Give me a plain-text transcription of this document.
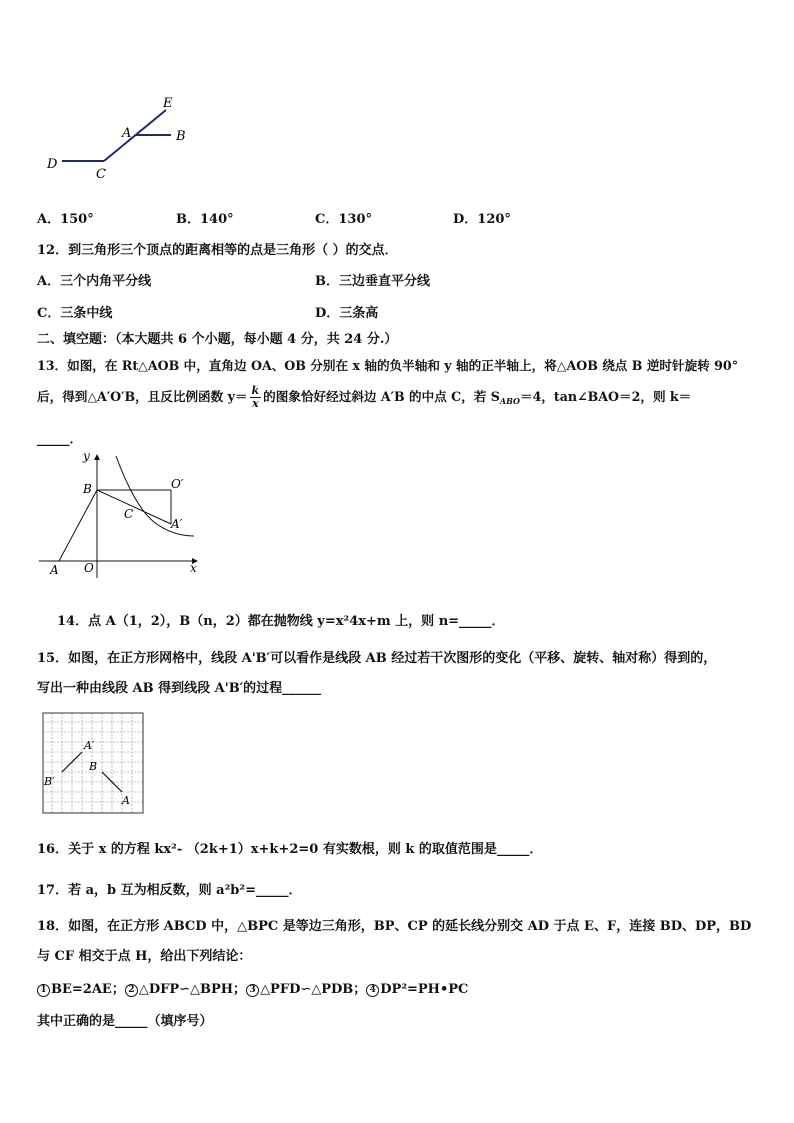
E
A	B
D
C
A．150°	B．140°	C．130°	D．120°
12．到三角形三个顶点的距离相等的点是三角形（ ）的交点．
A．三个内角平分线	B．三边垂直平分线
C．三条中线	D．三条高
二、填空题：（本大题共 6 个小题，每小题 4 分，共 24 分.）
13．如图，在 Rt△AOB 中，直角边 OA、OB 分别在 x 轴的负半轴和 y 轴的正半轴上，将△AOB 绕点 B 逆时针旋转 90°
后，得到△A′O′B，且反比例函数 $y= \frac{k}{x}$ 的图象恰好经过斜边 A′B 的中点 C，若 $S_{ABO}=4$，tan∠BAO＝2，则 k＝
_____．
y
x
B	O′
C
A′
A O
14．点 A（1，2），B（n，2）都在抛物线 y=x²4x+m 上，则 n=_____．
15．如图，在正方形网格中，线段 A'B′可以看作是线段 AB 经过若干次图形的变化（平移、旋转、轴对称）得到的，
写出一种由线段 AB 得到线段 A'B′的过程______
A′
B′
B
A
16．关于 x 的方程 kx²- （2k+1）x+k+2=0 有实数根，则 k 的取值范围是_____．
17．若 a，b 互为相反数，则 a²b²=_____．
18．如图，在正方形 ABCD 中，△BPC 是等边三角形，BP、CP 的延长线分别交 AD 于点 E、F，连接 BD、DP，BD
与 CF 相交于点 H，给出下列结论：
1 BE=2AE； 2 △DFP∽△BPH； 3 △PFD∽△PDB； 4 DP²=PH•PC
其中正确的是_____（填序号）
